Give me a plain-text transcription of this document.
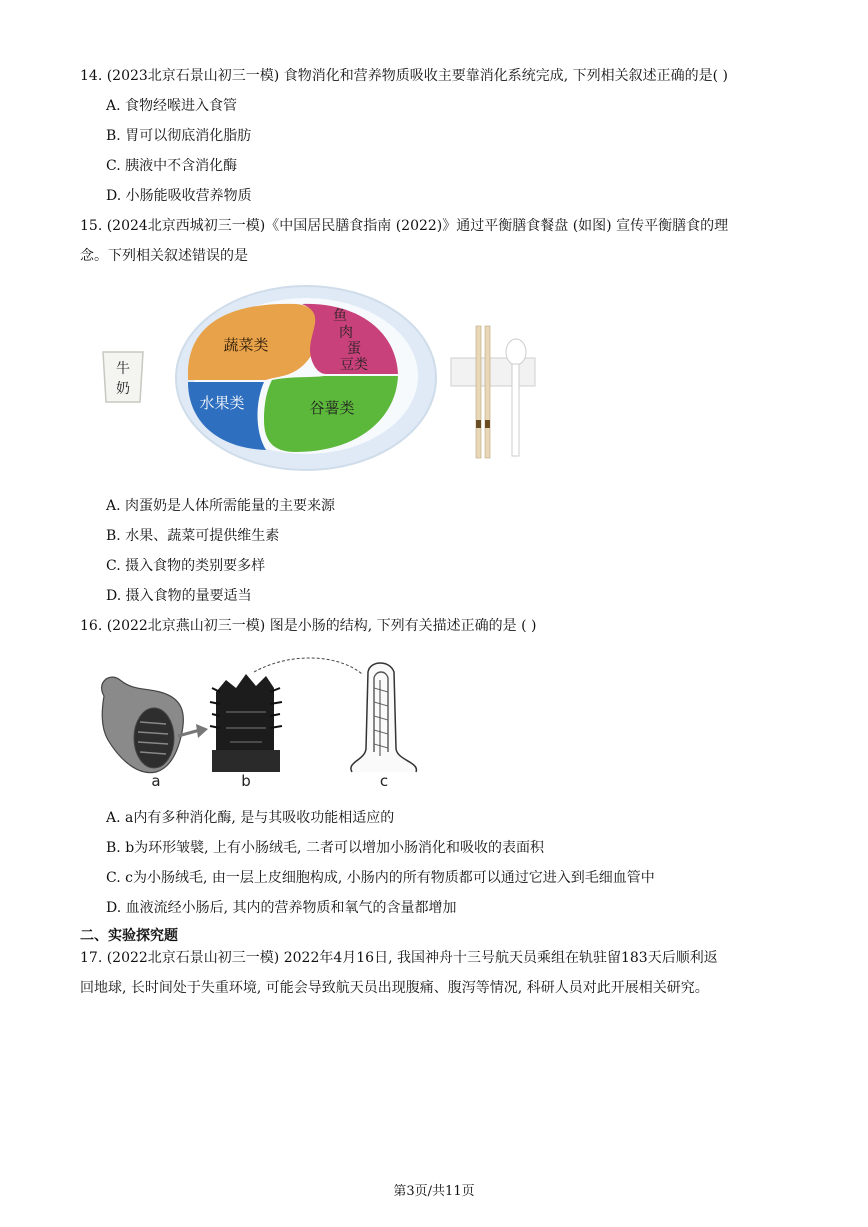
14. (2023北京石景山初三一模) 食物消化和营养物质吸收主要靠消化系统完成, 下列相关叙述正确的是( )
A. 食物经喉进入食管
B. 胃可以彻底消化脂肪
C. 胰液中不含消化酶
D. 小肠能吸收营养物质
15. (2024北京西城初三一模)《中国居民膳食指南 (2022)》通过平衡膳食餐盘 (如图) 宣传平衡膳食的理
念。下列相关叙述错误的是
牛
奶
蔬菜类
鱼
肉
蛋
豆类
水果类	谷薯类
A. 肉蛋奶是人体所需能量的主要来源
B. 水果、蔬菜可提供维生素
C. 摄入食物的类别要多样
D. 摄入食物的量要适当
16. (2022北京燕山初三一模) 图是小肠的结构, 下列有关描述正确的是 ( )
a	b	c
A. a内有多种消化酶, 是与其吸收功能相适应的
B. b为环形皱襞, 上有小肠绒毛, 二者可以增加小肠消化和吸收的表面积
C. c为小肠绒毛, 由一层上皮细胞构成, 小肠内的所有物质都可以通过它进入到毛细血管中
D. 血液流经小肠后, 其内的营养物质和氧气的含量都增加
二、实验探究题
17. (2022北京石景山初三一模) 2022年4月16日, 我国神舟十三号航天员乘组在轨驻留183天后顺利返
回地球, 长时间处于失重环境, 可能会导致航天员出现腹痛、腹泻等情况, 科研人员对此开展相关研究。
第3页/共11页
